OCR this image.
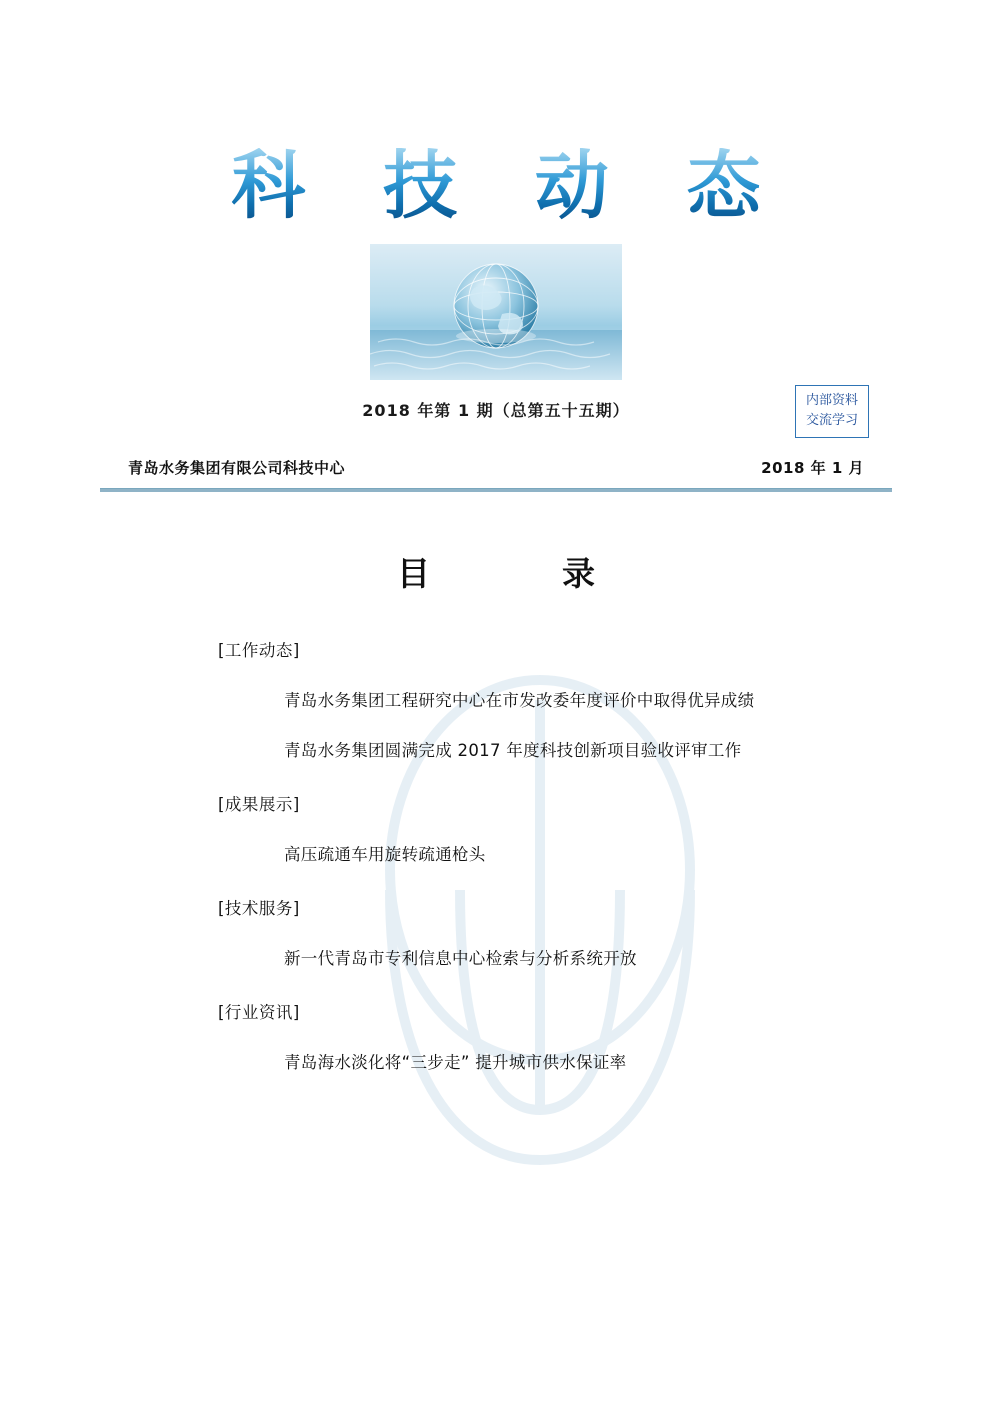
科 技 动 态
2018 年第 1 期（总第五十五期）
内部资料
交流学习
青岛水务集团有限公司科技中心	2018 年 1 月
目　　录
[工作动态]
青岛水务集团工程研究中心在市发改委年度评价中取得优异成绩
青岛水务集团圆满完成 2017 年度科技创新项目验收评审工作
[成果展示]
高压疏通车用旋转疏通枪头
[技术服务]
新一代青岛市专利信息中心检索与分析系统开放
[行业资讯]
青岛海水淡化将“三步走” 提升城市供水保证率
